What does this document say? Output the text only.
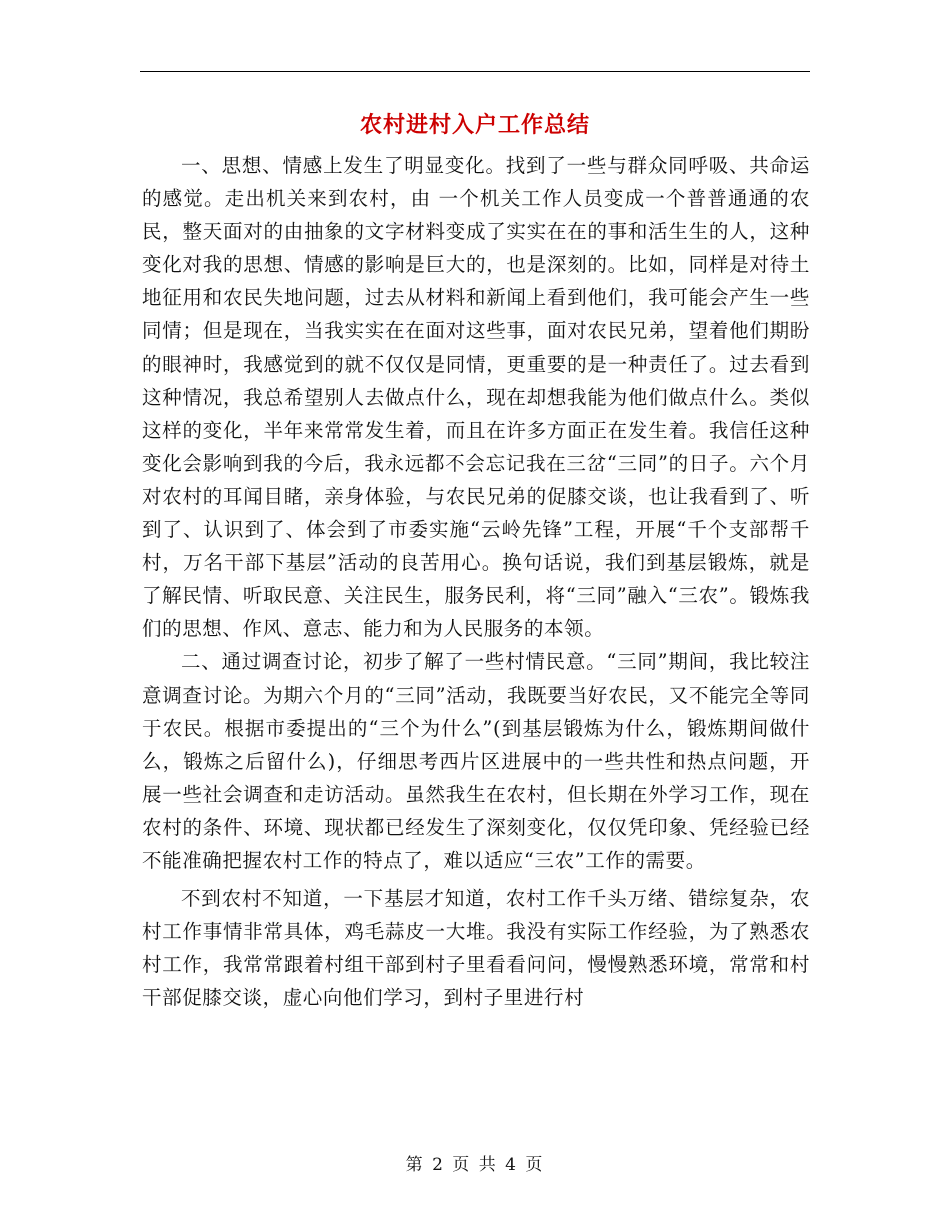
农村进村入户工作总结

一、思想、情感上发生了明显变化。找到了一些与群众同呼吸、共命运的感觉。走出机关来到农村，由 一个机关工作人员变成一个普普通通的农民，整天面对的由抽象的文字材料变成了实实在在的事和活生生的人，这种变化对我的思想、情感的影响是巨大的，也是深刻的。比如，同样是对待土地征用和农民失地问题，过去从材料和新闻上看到他们，我可能会产生一些同情；但是现在，当我实实在在面对这些事，面对农民兄弟，望着他们期盼的眼神时，我感觉到的就不仅仅是同情，更重要的是一种责任了。过去看到这种情况，我总希望别人去做点什么，现在却想我能为他们做点什么。类似这样的变化，半年来常常发生着，而且在许多方面正在发生着。我信任这种变化会影响到我的今后，我永远都不会忘记我在三岔“三同”的日子。六个月对农村的耳闻目睹，亲身体验，与农民兄弟的促膝交谈，也让我看到了、听到了、认识到了、体会到了市委实施“云岭先锋”工程，开展“千个支部帮千村，万名干部下基层”活动的良苦用心。换句话说，我们到基层锻炼，就是了解民情、听取民意、关注民生，服务民利，将“三同”融入“三农”。锻炼我们的思想、作风、意志、能力和为人民服务的本领。

二、通过调查讨论，初步了解了一些村情民意。“三同”期间，我比较注意调查讨论。为期六个月的“三同”活动，我既要当好农民，又不能完全等同于农民。根据市委提出的“三个为什么”(到基层锻炼为什么，锻炼期间做什么，锻炼之后留什么)，仔细思考西片区进展中的一些共性和热点问题，开展一些社会调查和走访活动。虽然我生在农村，但长期在外学习工作，现在农村的条件、环境、现状都已经发生了深刻变化，仅仅凭印象、凭经验已经不能准确把握农村工作的特点了，难以适应“三农”工作的需要。

不到农村不知道，一下基层才知道，农村工作千头万绪、错综复杂，农村工作事情非常具体，鸡毛蒜皮一大堆。我没有实际工作经验，为了熟悉农村工作，我常常跟着村组干部到村子里看看问问，慢慢熟悉环境，常常和村干部促膝交谈，虚心向他们学习，到村子里进行村

第 2 页 共 4 页
